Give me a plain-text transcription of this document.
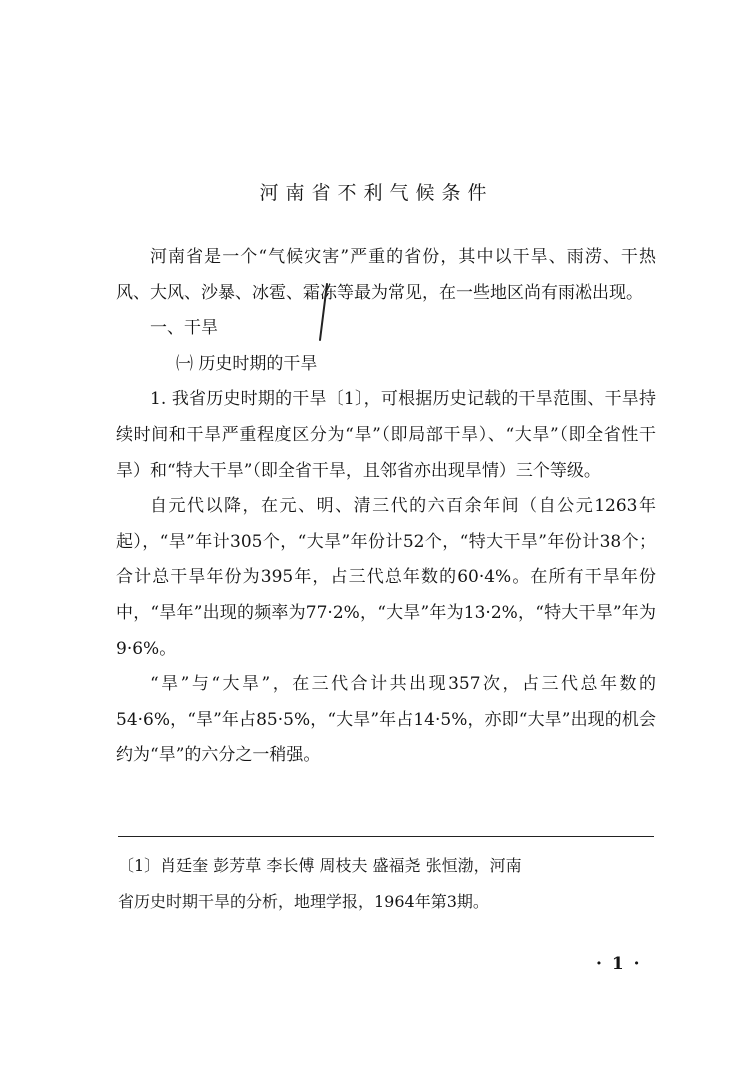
河南省不利气候条件

河南省是一个“气候灾害”严重的省份，其中以干旱、雨涝、干热风、大风、沙暴、冰雹、霜冻等最为常见，在一些地区尚有雨凇出现。

一、干旱

㈠ 历史时期的干旱

1. 我省历史时期的干旱〔1〕，可根据历史记载的干旱范围、干旱持续时间和干旱严重程度区分为“旱”（即局部干旱）、“大旱”（即全省性干旱）和“特大干旱”（即全省干旱，且邻省亦出现旱情）三个等级。

自元代以降，在元、明、清三代的六百余年间（自公元1263年起），“旱”年计305个，“大旱”年份计52个，“特大干旱”年份计38个；合计总干旱年份为395年，占三代总年数的60·4%。在所有干旱年份中，“旱年”出现的频率为77·2%，“大旱”年为13·2%，“特大干旱”年为9·6%。

“旱”与“大旱”，在三代合计共出现357次，占三代总年数的54·6%，“旱”年占85·5%，“大旱”年占14·5%，亦即“大旱”出现的机会约为“旱”的六分之一稍强。

〔1〕肖廷奎 彭芳草 李长傅 周枝夫 盛福尧 张恒渤，河南

省历史时期干旱的分析，地理学报，1964年第3期。

· 1 ·
